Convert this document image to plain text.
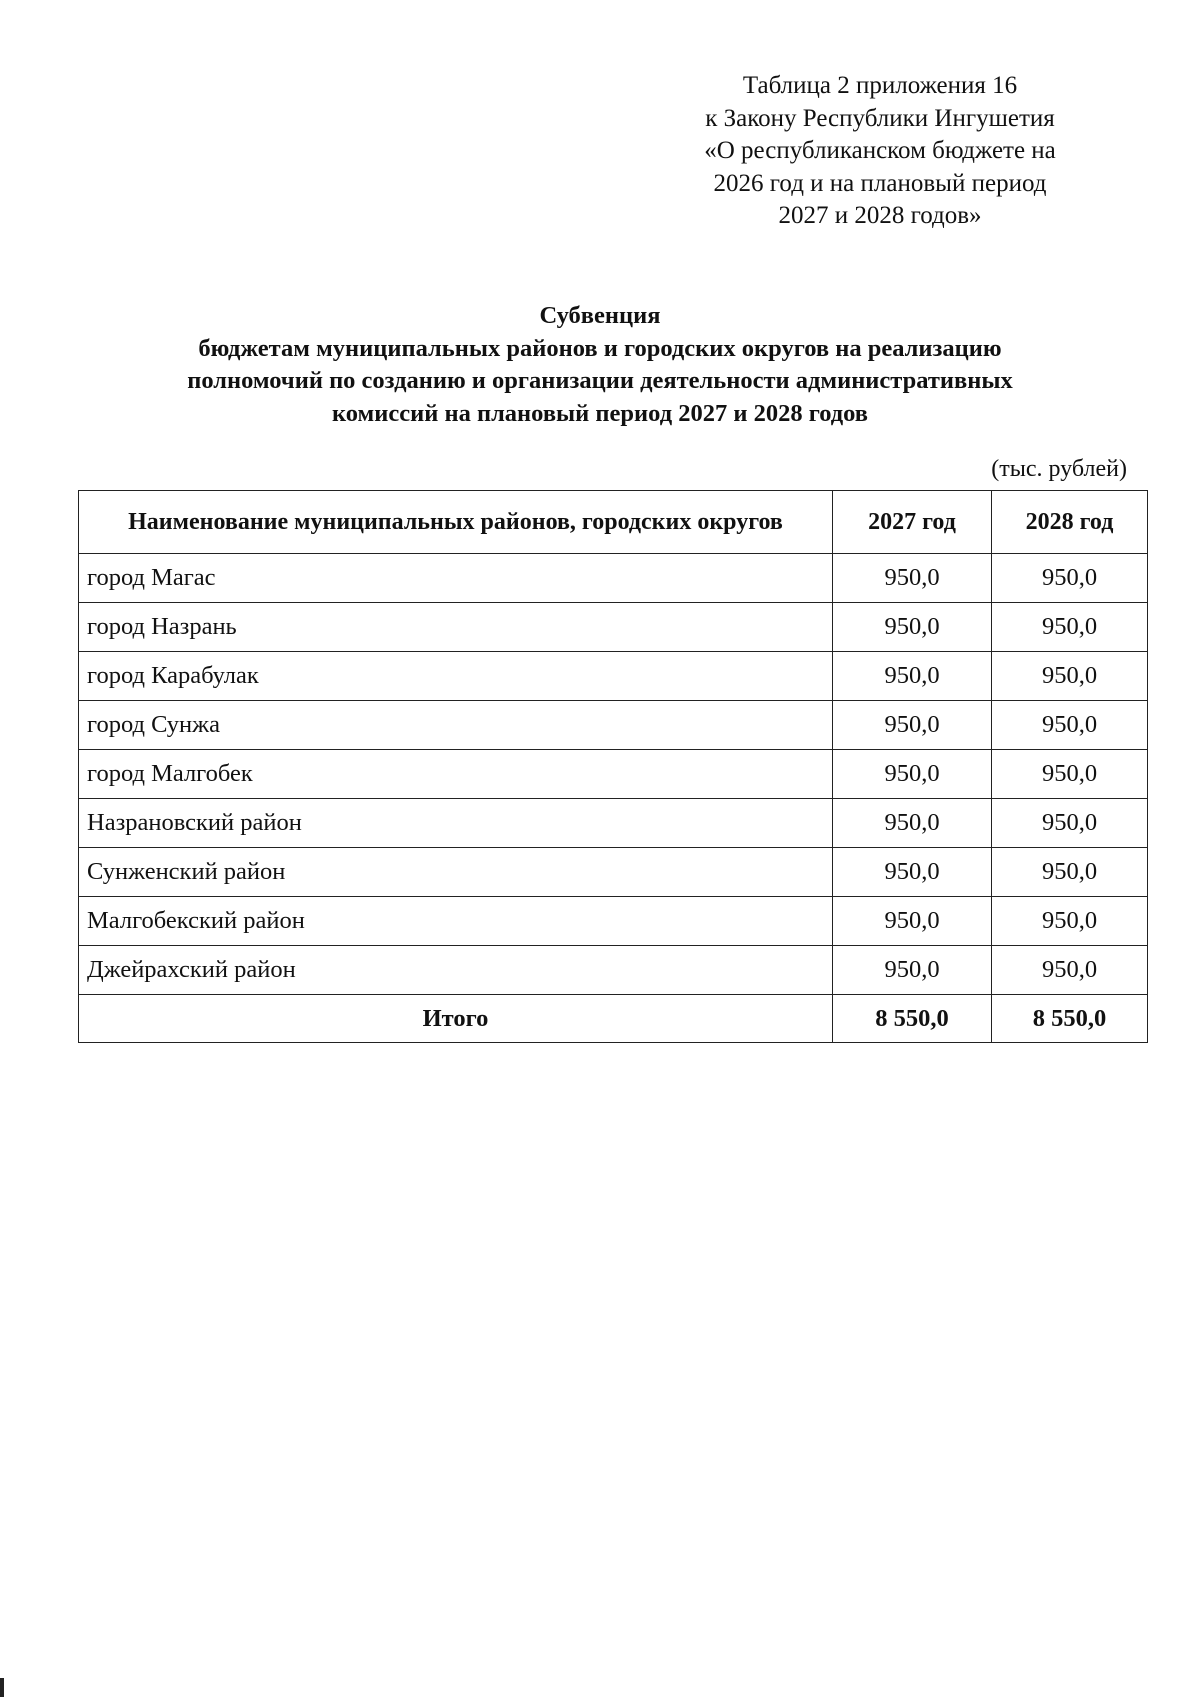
Таблица 2 приложения 16
к Закону Республики Ингушетия
«О республиканском бюджете на
2026 год и на плановый период
2027 и 2028 годов»
Субвенция
бюджетам муниципальных районов и городских округов на реализацию
полномочий по созданию и организации деятельности административных
комиссий на плановый период 2027 и 2028 годов
(тыс. рублей)
Наименование муниципальных районов, городских округов	2027 год	2028 год
город Магас	950,0	950,0
город Назрань	950,0	950,0
город Карабулак	950,0	950,0
город Сунжа	950,0	950,0
город Малгобек	950,0	950,0
Назрановский район	950,0	950,0
Сунженский район	950,0	950,0
Малгобекский район	950,0	950,0
Джейрахский район	950,0	950,0
Итого	8 550,0	8 550,0
